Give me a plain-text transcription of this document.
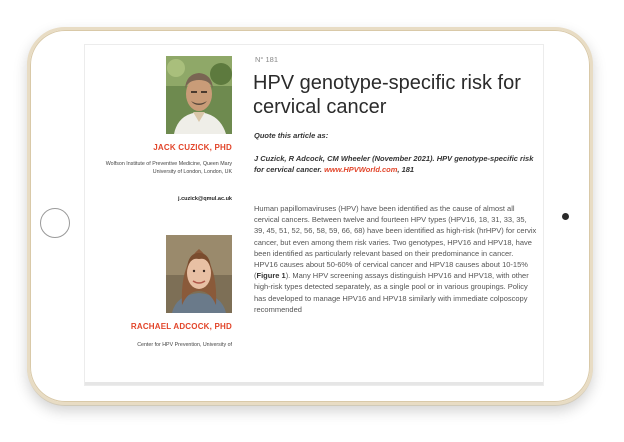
JACK CUZICK, PHD
Wolfson Institute of Preventive Medicine, Queen Mary University of London, London, UK
j.cuzick@qmul.ac.uk
RACHAEL ADCOCK, PHD
Center for HPV Prevention, University of
N° 181
HPV genotype-specific risk for cervical cancer
Quote this article as:
J Cuzick, R Adcock, CM Wheeler (November 2021). HPV genotype-specific risk for cervical cancer. www.HPVWorld.com, 181
Human papillomaviruses (HPV) have been identified as the cause of almost all cervical cancers. Between twelve and fourteen HPV types (HPV16, 18, 31, 33, 35, 39, 45, 51, 52, 56, 58, 59, 66, 68) have been identified as high-risk (hrHPV) for cervix cancer, but even among them risk varies. Two genotypes, HPV16 and HPV18, have been identified as particularly relevant based on their predominance in cancer. HPV16 causes about 50-60% of cervical cancer and HPV18 causes about 10-15% (Figure 1). Many HPV screening assays distinguish HPV16 and HPV18, with other high-risk types detected separately, as a single pool or in various groupings. Policy has developed to manage HPV16 and HPV18 similarly with immediate colposcopy recommended
